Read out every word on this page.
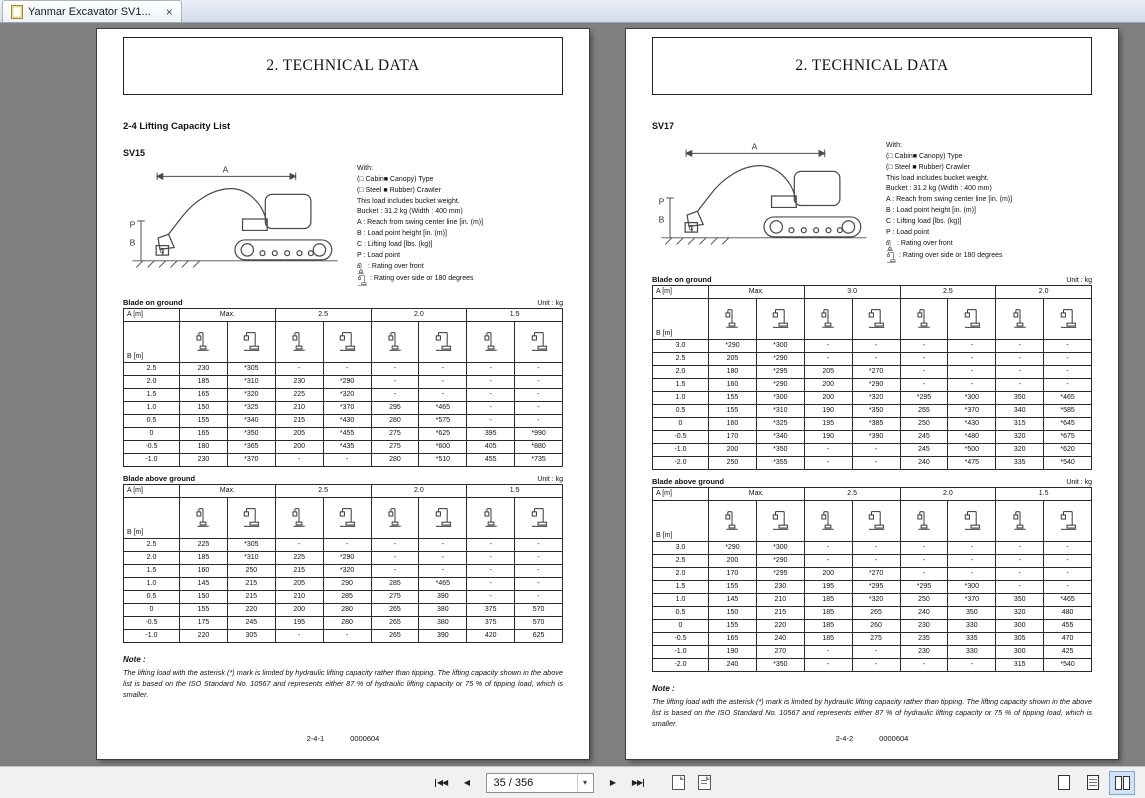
Yanmar Excavator SV1... ×
2. TECHNICAL DATA
2-4 Lifting Capacity List
SV15
A
P
B
C
With:
(□ Cabin■ Canopy) Type
(□ Steel ■ Rubber) Crawler
This load includes bucket weight.
Bucket : 31.2 kg (Width : 400 mm)
A : Reach from swing center line [in. (m)]
B : Load point height [in. (m)]
C : Lifting load [lbs. (kg)]
P : Load point
: Rating over front
: Rating over side or 180 degrees
Blade on ground	Unit : kg
A [m]	Max.		2.5		2.0		1.5	
B [m]								
2.5	230	*305	-	-	-	-	-	-
2.0	185	*310	230	*290	-	-	-	-
1.5	165	*320	225	*320	-	-	-	-
1.0	150	*325	210	*370	295	*465	-	-
0.5	155	*340	215	*430	280	*575	-	-
0	165	*350	205	*455	275	*625	395	*990
-0.5	180	*365	200	*435	275	*600	405	*880
-1.0	230	*370	-	-	280	*510	455	*735
Blade above ground	Unit : kg
A [m]	Max.		2.5		2.0		1.5	
B [m]								
2.5	225	*305	-	-	-	-	-	-
2.0	185	*310	225	*290	-	-	-	-
1.5	160	250	215	*320	-	-	-	-
1.0	145	215	205	290	285	*465	-	-
0.5	150	215	210	285	275	390	-	-
0	155	220	200	280	265	380	375	570
-0.5	175	245	195	280	265	380	375	570
-1.0	220	305	-	-	265	390	420	625
Note :
The lifting load with the asterisk (*) mark is limited by hydraulic lifting capacity rather than tipping. The lifting capacity shown in the above list is based on the ISO Standard No. 10567 and represents either 87 % of hydraulic lifting capacity or 75 % of tipping load, which is smaller.
2-4-1	0000604
2. TECHNICAL DATA
SV17
A
P
B
C
With:
(□ Cabin■ Canopy) Type
(□ Steel ■ Rubber) Crawler
This load includes bucket weight.
Bucket : 31.2 kg (Width : 400 mm)
A : Reach from swing center line [in. (m)]
B : Load point height [in. (m)]
C : Lifting load [lbs. (kg)]
P : Load point
: Rating over front
: Rating over side or 180 degrees
Blade on ground	Unit : kg
A [m]	Max.		3.0		2.5		2.0	
B [m]								
3.0	*290	*300	-	-	-	-	-	-
2.5	205	*290	-	-	-	-	-	-
2.0	180	*295	205	*270	-	-	-	-
1.5	160	*290	200	*290	-	-	-	-
1.0	155	*300	200	*320	*295	*300	350	*465
0.5	155	*310	190	*350	255	*370	340	*585
0	160	*325	195	*385	250	*430	315	*645
-0.5	170	*340	190	*390	245	*480	320	*675
-1.0	200	*350	-	-	245	*500	320	*620
-2.0	250	*355	-	-	240	*475	335	*540
Blade above ground	Unit : kg
A [m]	Max.		2.5		2.0		1.5	
B [m]								
3.0	*290	*300	-	-	-	-	-	-
2.5	200	*290	-	-	-	-	-	-
2.0	170	*295	200	*270	-	-	-	-
1.5	155	230	195	*295	*295	*300	-	-
1.0	145	210	185	*320	250	*370	350	*465
0.5	150	215	185	265	240	350	320	480
0	155	220	185	260	230	330	300	455
-0.5	165	240	185	275	235	335	305	470
-1.0	190	270	-	-	230	330	300	425
-2.0	240	*350	-	-	-	-	315	*540
Note :
The lifting load with the asterisk (*) mark is limited by hydraulic lifting capacity rather than tipping. The lifting capacity shown in the above list is based on the ISO Standard No. 10567 and represents either 87 % of hydraulic lifting capacity or 75 % of tipping load, which is smaller.
2-4-2	0000604
◀◀ ◀	35 / 356	▾	▶ ▶▶
